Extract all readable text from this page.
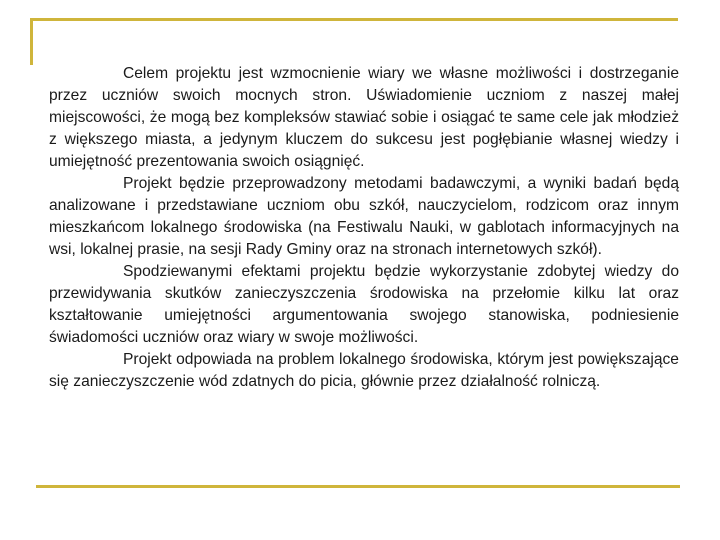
Celem projektu jest wzmocnienie wiary we własne możliwości i dostrzeganie przez uczniów swoich mocnych stron. Uświadomienie uczniom z naszej małej miejscowości, że mogą bez kompleksów stawiać sobie i osiągać te same cele jak młodzież z większego miasta, a jedynym kluczem do sukcesu jest pogłębianie własnej wiedzy i umiejętność prezentowania swoich osiągnięć.

Projekt będzie przeprowadzony metodami badawczymi, a wyniki badań będą analizowane i przedstawiane uczniom obu szkół, nauczycielom, rodzicom oraz innym mieszkańcom lokalnego środowiska (na Festiwalu Nauki, w gablotach informacyjnych na wsi, lokalnej prasie, na sesji Rady Gminy oraz na stronach internetowych szkół).

Spodziewanymi efektami projektu będzie wykorzystanie zdobytej wiedzy do przewidywania skutków zanieczyszczenia środowiska na przełomie kilku lat oraz kształtowanie umiejętności argumentowania swojego stanowiska, podniesienie świadomości uczniów oraz wiary w swoje możliwości.

Projekt odpowiada na problem lokalnego środowiska, którym jest powiększające się zanieczyszczenie wód zdatnych do picia, głównie przez działalność rolniczą.
